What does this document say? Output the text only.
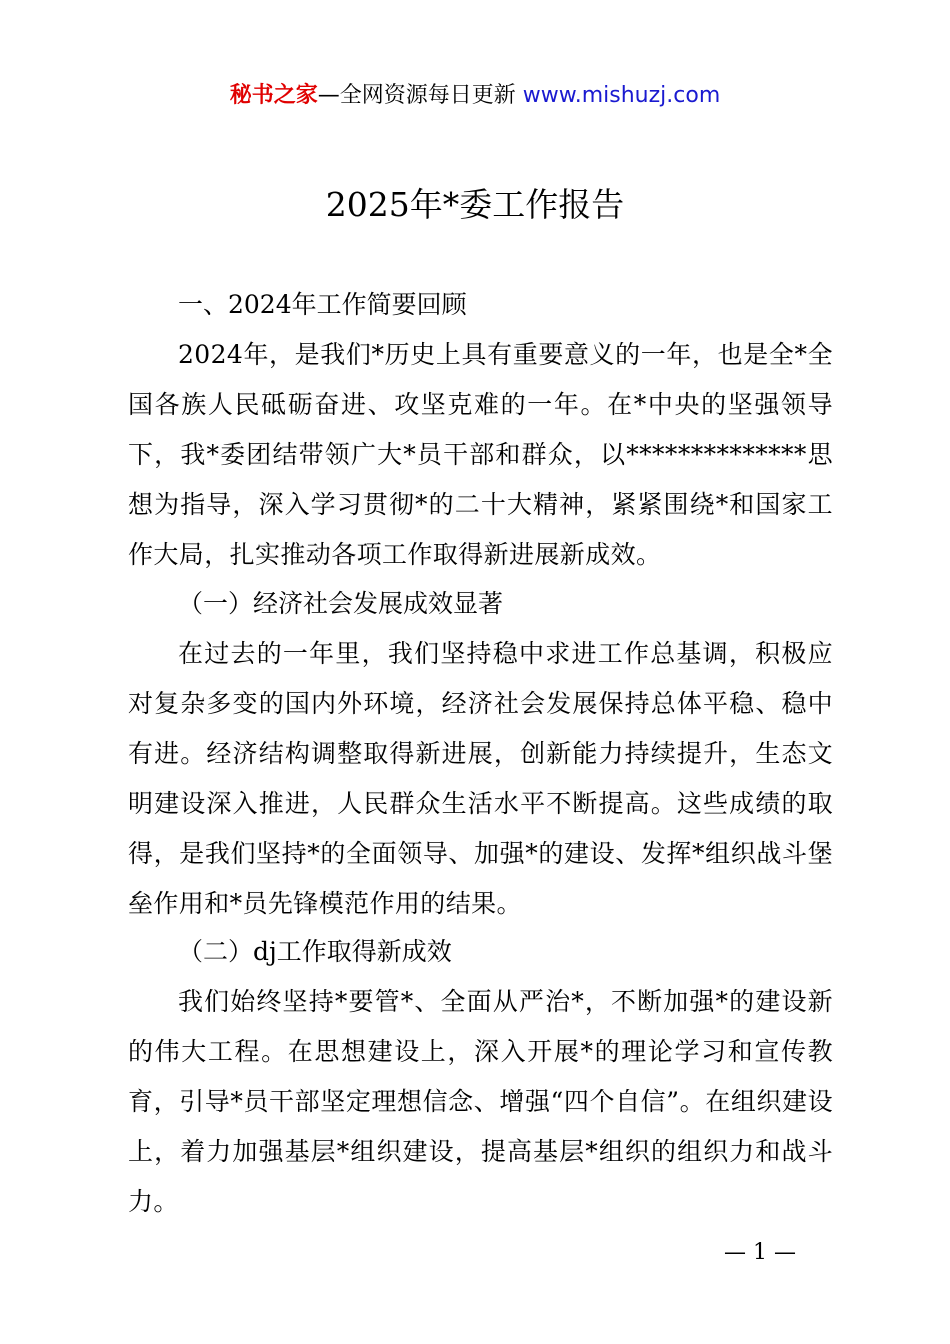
秘书之家—全网资源每日更新 www.mishuzj.com
2025年*委工作报告

一、2024年工作简要回顾

2024年，是我们*历史上具有重要意义的一年，也是全*全国各族人民砥砺奋进、攻坚克难的一年。在*中央的坚强领导下，我*委团结带领广大*员干部和群众，以**************思想为指导，深入学习贯彻*的二十大精神，紧紧围绕*和国家工作大局，扎实推动各项工作取得新进展新成效。

（一）经济社会发展成效显著

在过去的一年里，我们坚持稳中求进工作总基调，积极应对复杂多变的国内外环境，经济社会发展保持总体平稳、稳中有进。经济结构调整取得新进展，创新能力持续提升，生态文明建设深入推进，人民群众生活水平不断提高。这些成绩的取得，是我们坚持*的全面领导、加强*的建设、发挥*组织战斗堡垒作用和*员先锋模范作用的结果。

（二）dj工作取得新成效

我们始终坚持*要管*、全面从严治*，不断加强*的建设新的伟大工程。在思想建设上，深入开展*的理论学习和宣传教育，引导*员干部坚定理想信念、增强“四个自信”。在组织建设上，着力加强基层*组织建设，提高基层*组织的组织力和战斗力。

— 1 —
